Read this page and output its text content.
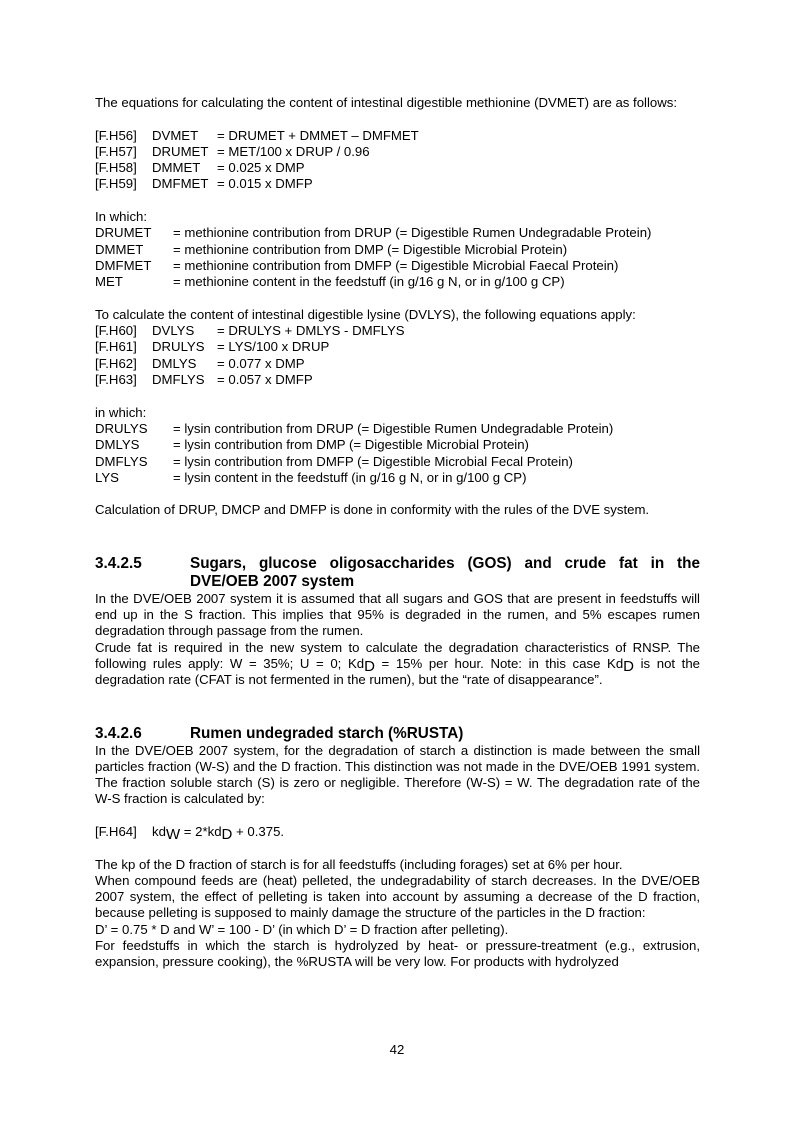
The equations for calculating the content of intestinal digestible methionine (DVMET) are as follows:

[F.H56]	DVMET	= DRUMET + DMMET – DMFMET
[F.H57]	DRUMET = MET/100 x DRUP / 0.96
[F.H58]	DMMET	= 0.025 x DMP
[F.H59]	DMFMET = 0.015 x DMFP

In which:

DRUMET	= methionine contribution from DRUP (= Digestible Rumen Undegradable Protein)
DMMET	= methionine contribution from DMP (= Digestible Microbial Protein)
DMFMET	= methionine contribution from DMFP (= Digestible Microbial Faecal Protein)
MET	= methionine content in the feedstuff (in g/16 g N, or in g/100 g CP)

To calculate the content of intestinal digestible lysine (DVLYS), the following equations apply:

[F.H60]	DVLYS	= DRULYS + DMLYS - DMFLYS
[F.H61]	DRULYS = LYS/100 x DRUP
[F.H62]	DMLYS	= 0.077 x DMP
[F.H63]	DMFLYS = 0.057 x DMFP

in which:

DRULYS	= lysin contribution from DRUP (= Digestible Rumen Undegradable Protein)
DMLYS	= lysin contribution from DMP (= Digestible Microbial Protein)
DMFLYS	= lysin contribution from DMFP (= Digestible Microbial Fecal Protein)
LYS	= lysin content in the feedstuff (in g/16 g N, or in g/100 g CP)

Calculation of DRUP, DMCP and DMFP is done in conformity with the rules of the DVE system.

3.4.2.5	Sugars, glucose oligosaccharides (GOS) and crude fat in the DVE/OEB 2007 system

In the DVE/OEB 2007 system it is assumed that all sugars and GOS that are present in feedstuffs will end up in the S fraction. This implies that 95% is degraded in the rumen, and 5% escapes rumen degradation through passage from the rumen.

Crude fat is required in the new system to calculate the degradation characteristics of RNSP. The following rules apply: W = 35%; U = 0; KdD = 15% per hour. Note: in this case KdD is not the degradation rate (CFAT is not fermented in the rumen), but the “rate of disappearance”.

3.4.2.6	Rumen undegraded starch (%RUSTA)

In the DVE/OEB 2007 system, for the degradation of starch a distinction is made between the small particles fraction (W-S) and the D fraction. This distinction was not made in the DVE/OEB 1991 system. The fraction soluble starch (S) is zero or negligible. Therefore (W-S) = W. The degradation rate of the W-S fraction is calculated by:

[F.H64] kdW = 2*kdD + 0.375.

The kp of the D fraction of starch is for all feedstuffs (including forages) set at 6% per hour.

When compound feeds are (heat) pelleted, the undegradability of starch decreases. In the DVE/OEB 2007 system, the effect of pelleting is taken into account by assuming a decrease of the D fraction, because pelleting is supposed to mainly damage the structure of the particles in the D fraction:

D’ = 0.75 * D and W’ = 100 - D’ (in which D’ = D fraction after pelleting).

For feedstuffs in which the starch is hydrolyzed by heat- or pressure-treatment (e.g., extrusion, expansion, pressure cooking), the %RUSTA will be very low. For products with hydrolyzed

42
